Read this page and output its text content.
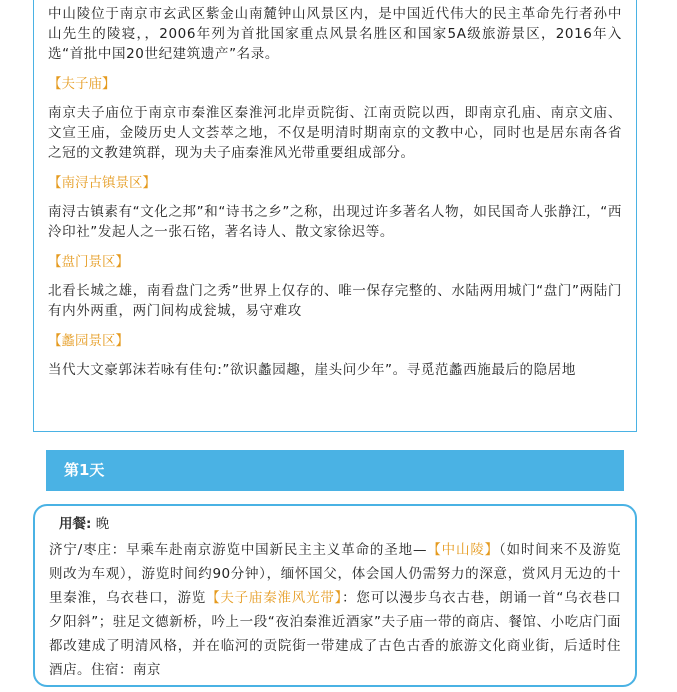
中山陵位于南京市玄武区紫金山南麓钟山风景区内，是中国近代伟大的民主革命先行者孙中山先生的陵寝，，2006年列为首批国家重点风景名胜区和国家5A级旅游景区，2016年入选“首批中国20世纪建筑遗产”名录。

【夫子庙】

南京夫子庙位于南京市秦淮区秦淮河北岸贡院街、江南贡院以西，即南京孔庙、南京文庙、文宣王庙，金陵历史人文荟萃之地，不仅是明清时期南京的文教中心，同时也是居东南各省之冠的文教建筑群，现为夫子庙秦淮风光带重要组成部分。

【南浔古镇景区】

南浔古镇素有“文化之邦”和“诗书之乡”之称，出现过许多著名人物，如民国奇人张静江，“西泠印社”发起人之一张石铭，著名诗人、散文家徐迟等。

【盘门景区】

北看长城之雄，南看盘门之秀”世界上仅存的、唯一保存完整的、水陆两用城门“盘门”两陆门有内外两重，两门间构成瓮城，易守难攻

【蠡园景区】

当代大文豪郭沫若咏有佳句:”欲识蠡园趣，崖头问少年”。寻觅范蠡西施最后的隐居地

第1天
用餐: 晚

济宁/枣庄：早乘车赴南京游览中国新民主主义革命的圣地—【中山陵】（如时间来不及游览则改为车观），游览时间约90分钟），缅怀国父，体会国人仍需努力的深意，赏风月无边的十里秦淮，乌衣巷口，游览【夫子庙秦淮风光带】：您可以漫步乌衣古巷，朗诵一首“乌衣巷口夕阳斜”；驻足文德新桥，吟上一段“夜泊秦淮近酒家”夫子庙一带的商店、餐馆、小吃店门面都改建成了明清风格，并在临河的贡院街一带建成了古色古香的旅游文化商业街，后适时住酒店。住宿：南京
